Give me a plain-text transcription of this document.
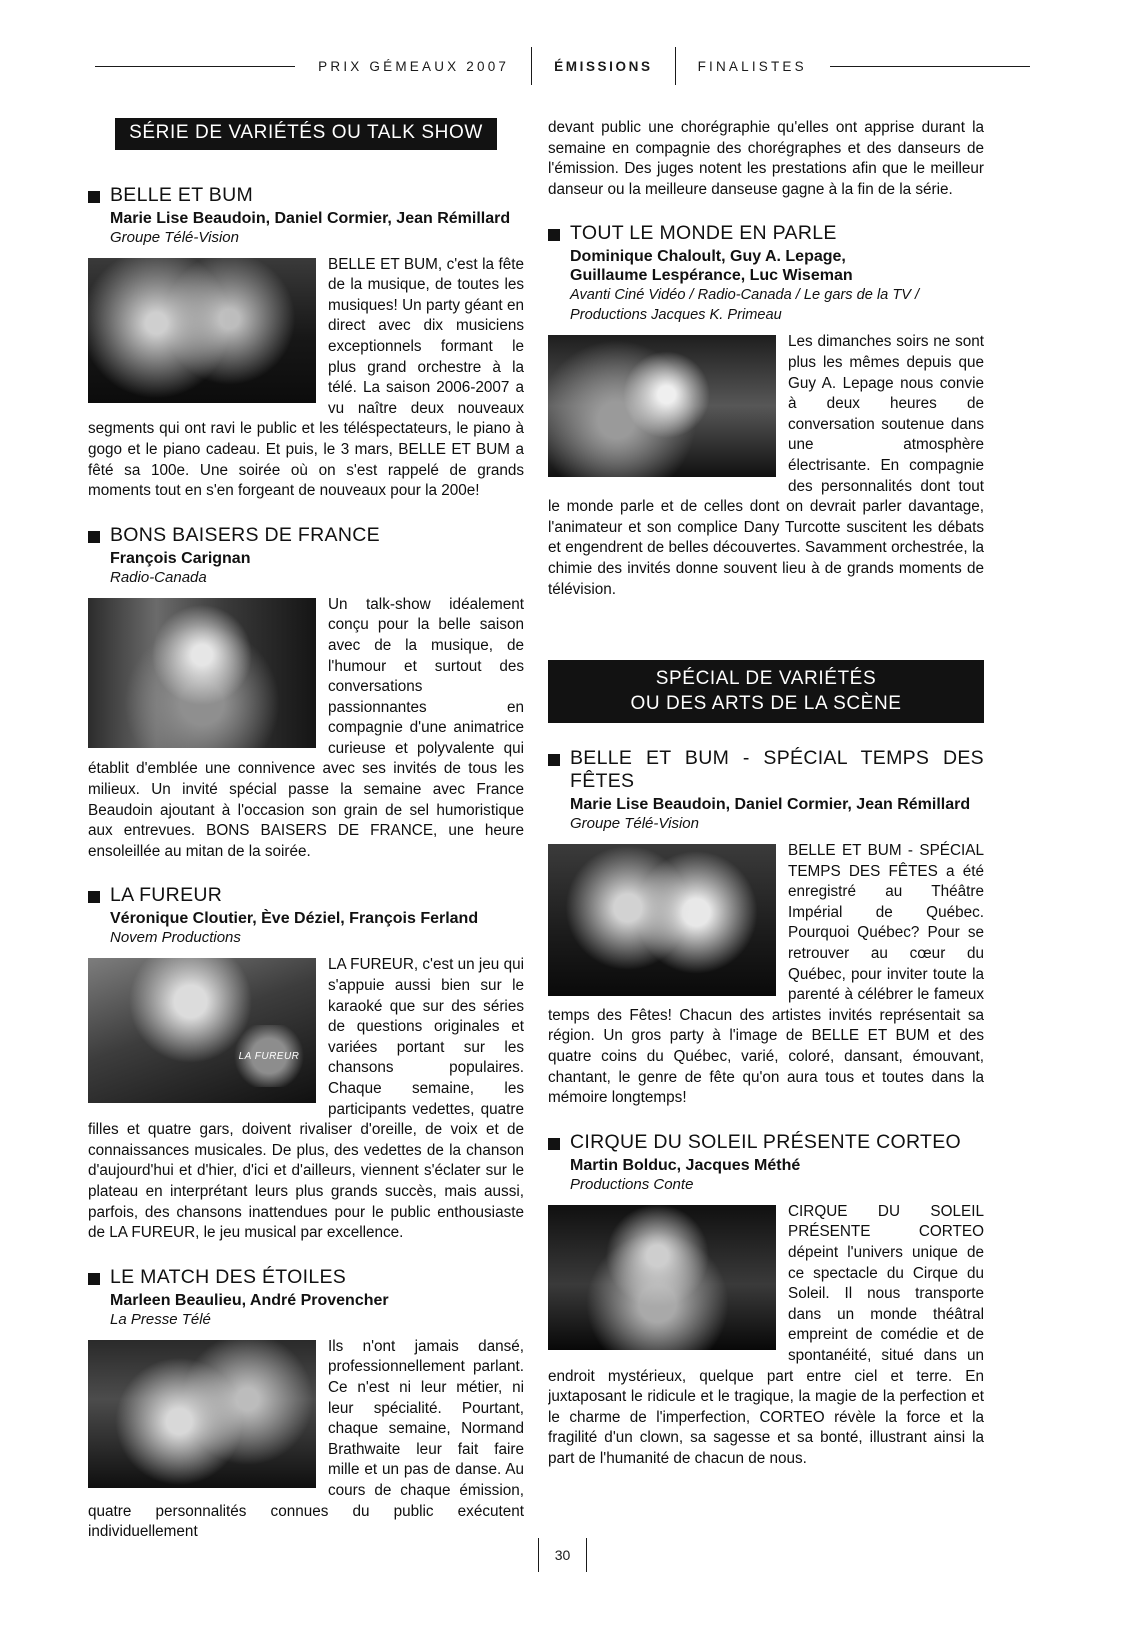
PRIX GÉMEAUX 2007	ÉMISSIONS	FINALISTES
SÉRIE DE VARIÉTÉS OU TALK SHOW
BELLE ET BUM
Marie Lise Beaudoin, Daniel Cormier, Jean Rémillard
Groupe Télé-Vision

BELLE ET BUM, c'est la fête de la musique, de toutes les musiques! Un party géant en direct avec dix musiciens exceptionnels formant le plus grand orchestre à la télé. La saison 2006-2007 a vu naître deux nouveaux segments qui ont ravi le public et les téléspectateurs, le piano à gogo et le piano cadeau. Et puis, le 3 mars, BELLE ET BUM a fêté sa 100e. Une soirée où on s'est rappelé de grands moments tout en s'en forgeant de nouveaux pour la 200e!

BONS BAISERS DE FRANCE
François Carignan
Radio-Canada

Un talk-show idéalement conçu pour la belle saison avec de la musique, de l'humour et surtout des conversations passionnantes en compagnie d'une animatrice curieuse et polyvalente qui établit d'emblée une connivence avec ses invités de tous les milieux. Un invité spécial passe la semaine avec France Beaudoin ajoutant à l'occasion son grain de sel humoristique aux entrevues. BONS BAISERS DE FRANCE, une heure ensoleillée au mitan de la soirée.

LA FUREUR
Véronique Cloutier, Ève Déziel, François Ferland
Novem Productions
LA FUREUR

LA FUREUR, c'est un jeu qui s'appuie aussi bien sur le karaoké que sur des séries de questions originales et variées portant sur les chansons populaires. Chaque semaine, les participants vedettes, quatre filles et quatre gars, doivent rivaliser d'oreille, de voix et de connaissances musicales. De plus, des vedettes de la chanson d'aujourd'hui et d'hier, d'ici et d'ailleurs, viennent s'éclater sur le plateau en interprétant leurs plus grands succès, mais aussi, parfois, des chansons inattendues pour le public enthousiaste de LA FUREUR, le jeu musical par excellence.

LE MATCH DES ÉTOILES
Marleen Beaulieu, André Provencher
La Presse Télé

Ils n'ont jamais dansé, professionnellement parlant. Ce n'est ni leur métier, ni leur spécialité. Pourtant, chaque semaine, Normand Brathwaite leur fait faire mille et un pas de danse. Au cours de chaque émission, quatre personnalités connues du public exécutent individuellement

devant public une chorégraphie qu'elles ont apprise durant la semaine en compagnie des chorégraphes et des danseurs de l'émission. Des juges notent les prestations afin que le meilleur danseur ou la meilleure danseuse gagne à la fin de la série.

TOUT LE MONDE EN PARLE
Dominique Chaloult, Guy A. Lepage,
Guillaume Lespérance, Luc Wiseman
Avanti Ciné Vidéo / Radio-Canada / Le gars de la TV /
Productions Jacques K. Primeau

Les dimanches soirs ne sont plus les mêmes depuis que Guy A. Lepage nous convie à deux heures de conversation soutenue dans une atmosphère électrisante. En compagnie des personnalités dont tout le monde parle et de celles dont on devrait parler davantage, l'animateur et son complice Dany Turcotte suscitent les débats et engendrent de belles découvertes. Savamment orchestrée, la chimie des invités donne souvent lieu à de grands moments de télévision.

SPÉCIAL DE VARIÉTÉS
OU DES ARTS DE LA SCÈNE
BELLE ET BUM - SPÉCIAL TEMPS DES FÊTES
Marie Lise Beaudoin, Daniel Cormier, Jean Rémillard
Groupe Télé-Vision

BELLE ET BUM - SPÉCIAL TEMPS DES FÊTES a été enregistré au Théâtre Impérial de Québec. Pourquoi Québec? Pour se retrouver au cœur du Québec, pour inviter toute la parenté à célébrer le fameux temps des Fêtes! Chacun des artistes invités représentait sa région. Un gros party à l'image de BELLE ET BUM et des quatre coins du Québec, varié, coloré, dansant, émouvant, chantant, le genre de fête qu'on aura tous et toutes dans la mémoire longtemps!

CIRQUE DU SOLEIL PRÉSENTE CORTEO
Martin Bolduc, Jacques Méthé
Productions Conte

CIRQUE DU SOLEIL PRÉSENTE CORTEO dépeint l'univers unique de ce spectacle du Cirque du Soleil. Il nous transporte dans un monde théâtral empreint de comédie et de spontanéité, situé dans un endroit mystérieux, quelque part entre ciel et terre. En juxtaposant le ridicule et le tragique, la magie de la perfection et le charme de l'imperfection, CORTEO révèle la force et la fragilité d'un clown, sa sagesse et sa bonté, illustrant ainsi la part de l'humanité de chacun de nous.

30
